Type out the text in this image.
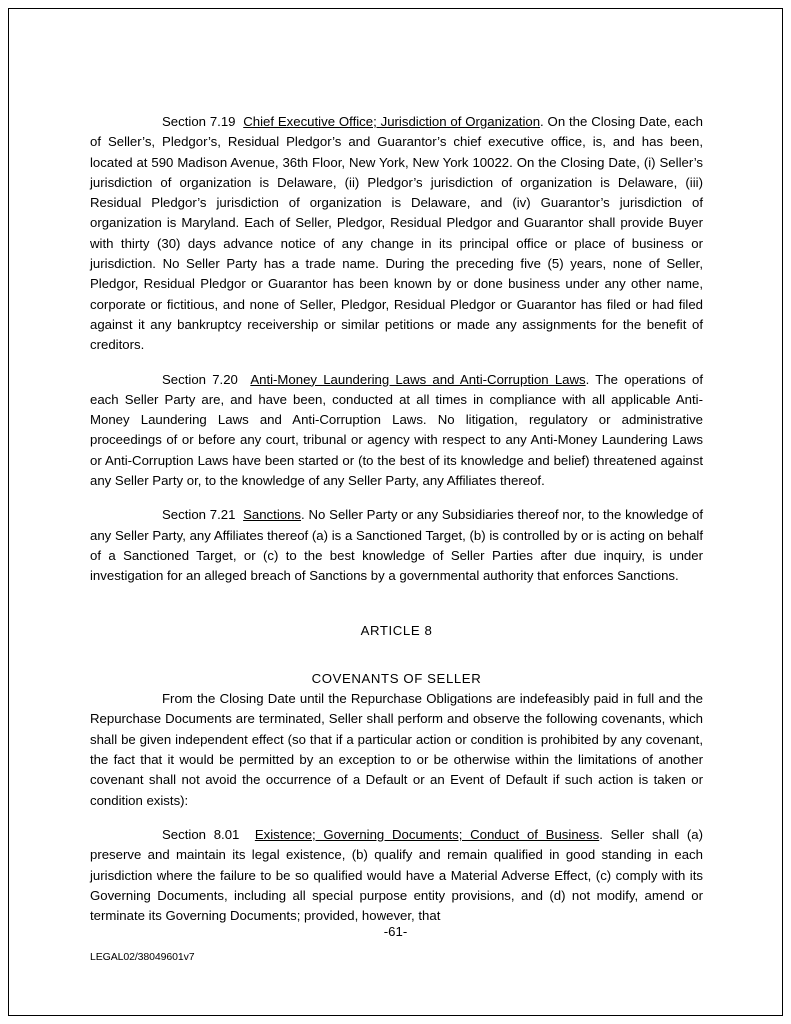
Section 7.19 Chief Executive Office; Jurisdiction of Organization. On the Closing Date, each of Seller’s, Pledgor’s, Residual Pledgor’s and Guarantor’s chief executive office, is, and has been, located at 590 Madison Avenue, 36th Floor, New York, New York 10022. On the Closing Date, (i) Seller’s jurisdiction of organization is Delaware, (ii) Pledgor’s jurisdiction of organization is Delaware, (iii) Residual Pledgor’s jurisdiction of organization is Delaware, and (iv) Guarantor’s jurisdiction of organization is Maryland. Each of Seller, Pledgor, Residual Pledgor and Guarantor shall provide Buyer with thirty (30) days advance notice of any change in its principal office or place of business or jurisdiction. No Seller Party has a trade name. During the preceding five (5) years, none of Seller, Pledgor, Residual Pledgor or Guarantor has been known by or done business under any other name, corporate or fictitious, and none of Seller, Pledgor, Residual Pledgor or Guarantor has filed or had filed against it any bankruptcy receivership or similar petitions or made any assignments for the benefit of creditors.

Section 7.20 Anti-Money Laundering Laws and Anti-Corruption Laws. The operations of each Seller Party are, and have been, conducted at all times in compliance with all applicable Anti-Money Laundering Laws and Anti-Corruption Laws. No litigation, regulatory or administrative proceedings of or before any court, tribunal or agency with respect to any Anti-Money Laundering Laws or Anti-Corruption Laws have been started or (to the best of its knowledge and belief) threatened against any Seller Party or, to the knowledge of any Seller Party, any Affiliates thereof.

Section 7.21 Sanctions. No Seller Party or any Subsidiaries thereof nor, to the knowledge of any Seller Party, any Affiliates thereof (a) is a Sanctioned Target, (b) is controlled by or is acting on behalf of a Sanctioned Target, or (c) to the best knowledge of Seller Parties after due inquiry, is under investigation for an alleged breach of Sanctions by a governmental authority that enforces Sanctions.

ARTICLE 8

COVENANTS OF SELLER

From the Closing Date until the Repurchase Obligations are indefeasibly paid in full and the Repurchase Documents are terminated, Seller shall perform and observe the following covenants, which shall be given independent effect (so that if a particular action or condition is prohibited by any covenant, the fact that it would be permitted by an exception to or be otherwise within the limitations of another covenant shall not avoid the occurrence of a Default or an Event of Default if such action is taken or condition exists):

Section 8.01 Existence; Governing Documents; Conduct of Business. Seller shall (a) preserve and maintain its legal existence, (b) qualify and remain qualified in good standing in each jurisdiction where the failure to be so qualified would have a Material Adverse Effect, (c) comply with its Governing Documents, including all special purpose entity provisions, and (d) not modify, amend or terminate its Governing Documents; provided, however, that

-61-
LEGAL02/38049601v7
